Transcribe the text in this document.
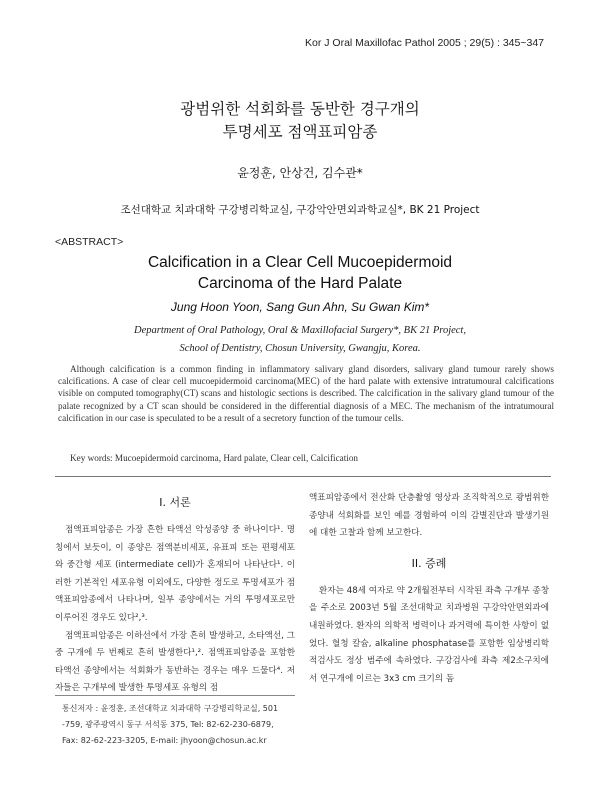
Kor J Oral Maxillofac Pathol 2005 ; 29(5) : 345~347
광범위한 석회화를 동반한 경구개의
투명세포 점액표피암종
윤정훈, 안상건, 김수관*
조선대학교 치과대학 구강병리학교실, 구강악안면외과학교실*, BK 21 Project
<ABSTRACT>
Calcification in a Clear Cell Mucoepidermoid
Carcinoma of the Hard Palate
Jung Hoon Yoon, Sang Gun Ahn, Su Gwan Kim*
Department of Oral Pathology, Oral & Maxillofacial Surgery*, BK 21 Project,
School of Dentistry, Chosun University, Gwangju, Korea.
Although calcification is a common finding in inflammatory salivary gland disorders, salivary gland tumour rarely shows calcifications. A case of clear cell mucoepidermoid carcinoma(MEC) of the hard palate with extensive intratumoural calcifications visible on computed tomography(CT) scans and histologic sections is described. The calcification in the salivary gland tumour of the palate recognized by a CT scan should be considered in the differential diagnosis of a MEC. The mechanism of the intratumoural calcification in our case is speculated to be a result of a secretory function of the tumour cells.
Key words: Mucoepidermoid carcinoma, Hard palate, Clear cell, Calcification
I. 서론

점액표피암종은 가장 흔한 타액선 악성종양 중 하나이다¹. 명칭에서 보듯이, 이 종양은 점액분비세포, 유표피 또는 편평세포와 중간형 세포 (intermediate cell)가 혼재되어 나타난다¹. 이러한 기본적인 세포유형 이외에도, 다양한 정도로 투명세포가 점액표피암종에서 나타나며, 일부 종양에서는 거의 투명세포로만 이루어진 경우도 있다²,³.

점액표피암종은 이하선에서 가장 흔히 발생하고, 소타액선, 그 중 구개에 두 번째로 흔히 발생한다¹,². 점액표피암종을 포함한 타액선 종양에서는 석회화가 동반하는 경우는 매우 드물다⁴. 저자들은 구개부에 발생한 투명세포 유형의 점

액표피암종에서 전산화 단층촬영 영상과 조직학적으로 광범위한 종양내 석회화를 보인 예를 경험하여 이의 감별진단과 발생기원에 대한 고찰과 함께 보고한다.

II. 증례

환자는 48세 여자로 약 2개월전부터 시작된 좌측 구개부 종창을 주소로 2003년 5월 조선대학교 치과병원 구강악안면외과에 내원하였다. 환자의 의학적 병력이나 과거력에 특이한 사항이 없었다. 혈청 칼슘, alkaline phosphatase를 포함한 임상병리학적검사도 정상 범주에 속하였다. 구강검사에 좌측 제2소구치에서 연구개에 이르는 3x3 cm 크기의 돔

통신저자 : 윤정훈, 조선대학교 치과대학 구강병리학교실, 501
-759, 광주광역시 동구 서석동 375, Tel: 82-62-230-6879,
Fax: 82-62-223-3205, E-mail: jhyoon@chosun.ac.kr
